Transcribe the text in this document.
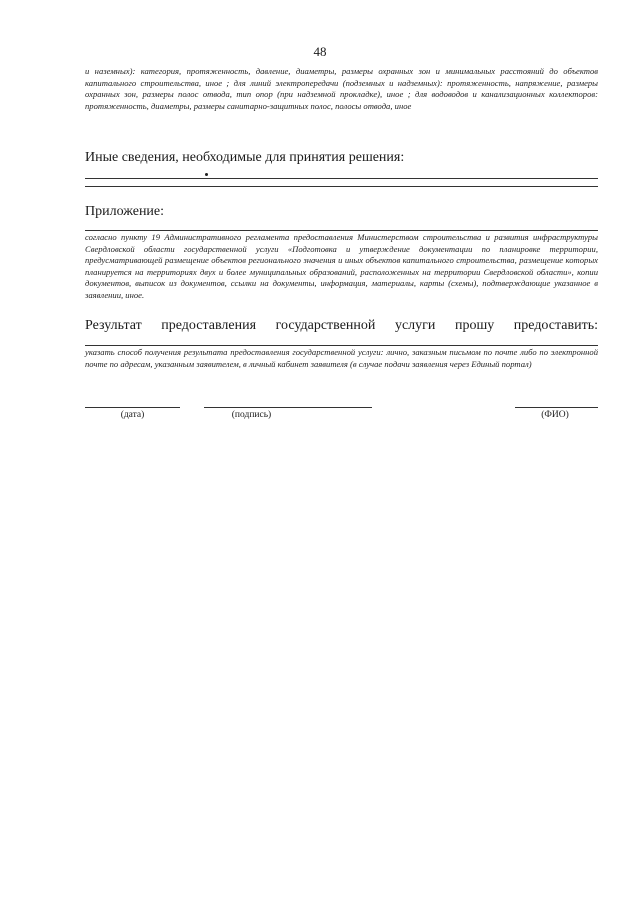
48
и наземных): категория, протяженность, давление, диаметры, размеры охранных зон и минимальных расстояний до объектов капитального строительства, иное ; для линий электропередачи (подземных и надземных): протяженность, напряжение, размеры охранных зон, размеры полос отвода, тип опор (при надземной прокладке), иное ; для водоводов и канализационных коллекторов: протяженность, диаметры, размеры санитарно-защитных полос, полосы отвода, иное
Иные сведения, необходимые для принятия решения:
Приложение:
согласно пункту 19 Административного регламента предоставления Министерством строительства и развития инфраструктуры Свердловской области государственной услуги «Подготовка и утверждение документации по планировке территории, предусматривающей размещение объектов регионального значения и иных объектов капитального строительства, размещение которых планируется на территориях двух и более муниципальных образований, расположенных на территории Свердловской области», копии документов, выписок из документов, ссылки на документы, информация, материалы, карты (схемы), подтверждающие указанное в заявлении, иное.
Результат предоставления государственной услуги прошу предоставить:
указать способ получения результата предоставления государственной услуги: лично, заказным письмом по почте либо по электронной почте по адресам, указанным заявителем, в личный кабинет заявителя (в случае подачи заявления через Единый портал)
(дата)	(подпись)	(ФИО)
